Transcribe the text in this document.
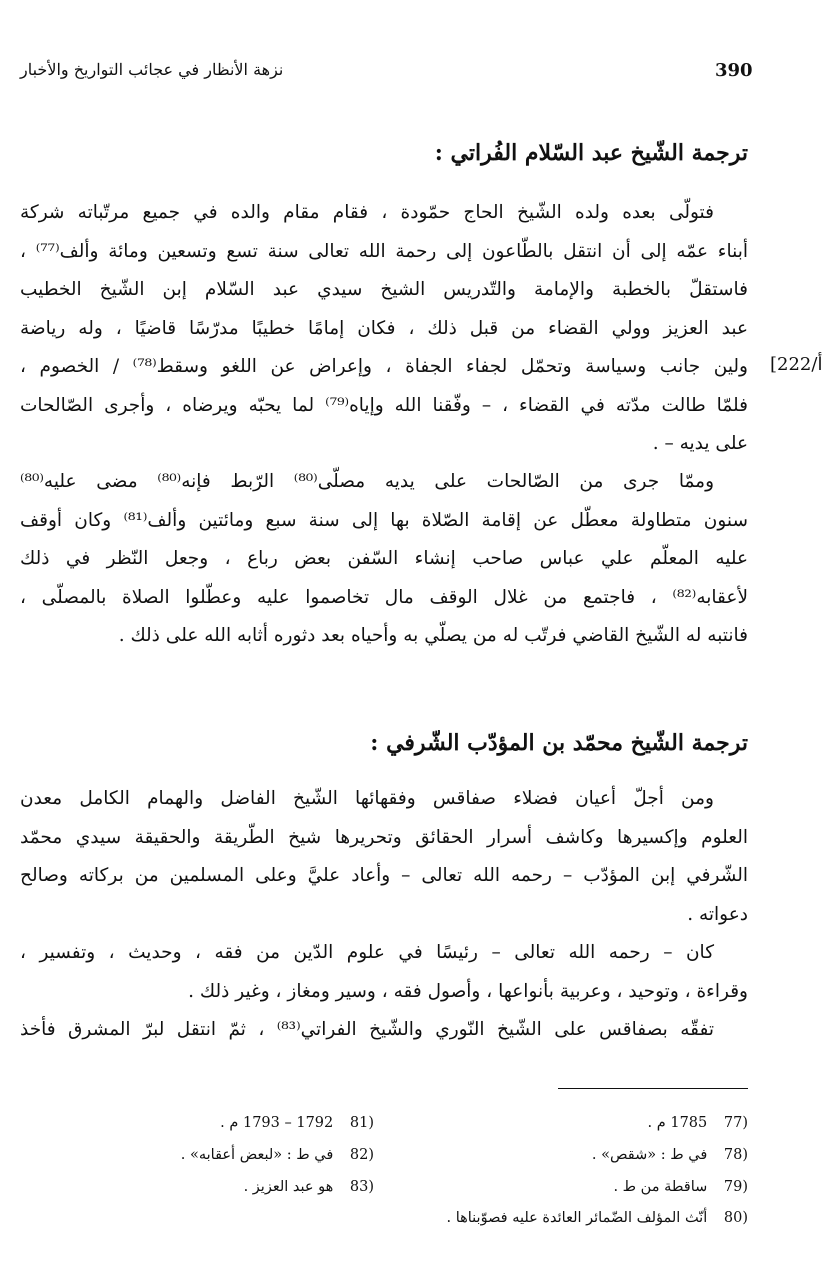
390
نزهة الأنظار في عجائب التواريخ والأخبار
ترجمة الشّيخ عبد السّلام الفُراتي :
[222/أ
فتولّى بعده ولده الشّيخ الحاج حمّودة ، فقام مقام والده في جميع مرتّباته شركة
أبناء عمّه إلى أن انتقل بالطّاعون إلى رحمة الله تعالى سنة تسع وتسعين ومائة وألف⁽⁷⁷⁾ ،
فاستقلّ بالخطبة والإمامة والتّدريس الشيخ سيدي عبد السّلام إبن الشّيخ الخطيب
عبد العزيز وولي القضاء من قبل ذلك ، فكان إمامًا خطيبًا مدرّسًا قاضيًا ، وله رياضة
ولين جانب وسياسة وتحمّل لجفاء الجفاة ، وإعراض عن اللغو وسقط⁽⁷⁸⁾ / الخصوم ،
فلمّا طالت مدّته في القضاء ، – وفّقنا الله وإياه⁽⁷⁹⁾ لما يحبّه ويرضاه ، وأجرى الصّالحات
على يديه – .
وممّا جرى من الصّالحات على يديه مصلّى⁽⁸⁰⁾ الرّبط فإنه⁽⁸⁰⁾ مضى عليه⁽⁸⁰⁾
سنون متطاولة معطّل عن إقامة الصّلاة بها إلى سنة سبع ومائتين وألف⁽⁸¹⁾ وكان أوقف
عليه المعلّم علي عباس صاحب إنشاء السّفن بعض رباع ، وجعل النّظر في ذلك
لأعقابه⁽⁸²⁾ ، فاجتمع من غلال الوقف مال تخاصموا عليه وعطّلوا الصلاة بالمصلّى ،
فانتبه له الشّيخ القاضي فرتّب له من يصلّي به وأحياه بعد دثوره أثابه الله على ذلك .
ترجمة الشّيخ محمّد بن المؤدّب الشّرفي :
ومن أجلّ أعيان فضلاء صفاقس وفقهائها الشّيخ الفاضل والهمام الكامل معدن
العلوم وإكسيرها وكاشف أسرار الحقائق وتحريرها شيخ الطّريقة والحقيقة سيدي محمّد
الشّرفي إبن المؤدّب – رحمه الله تعالى – وأعاد عليَّ وعلى المسلمين من بركاته وصالح
دعواته .
كان – رحمه الله تعالى – رئيسًا في علوم الدّين من فقه ، وحديث ، وتفسير ،
وقراءة ، وتوحيد ، وعربية بأنواعها ، وأصول فقه ، وسير ومغاز ، وغير ذلك .
تفقّه بصفاقس على الشّيخ النّوري والشّيخ الفراتي⁽⁸³⁾ ، ثمّ انتقل لبرّ المشرق فأخذ
(77 1785 م .
(78 في ط : «شقص» .
(79 ساقطة من ط .
(80 أنّث المؤلف الضّمائر العائدة عليه فصوّبناها .
(81 1792 – 1793 م .
(82 في ط : «لبعض أعقابه» .
(83 هو عبد العزيز .
